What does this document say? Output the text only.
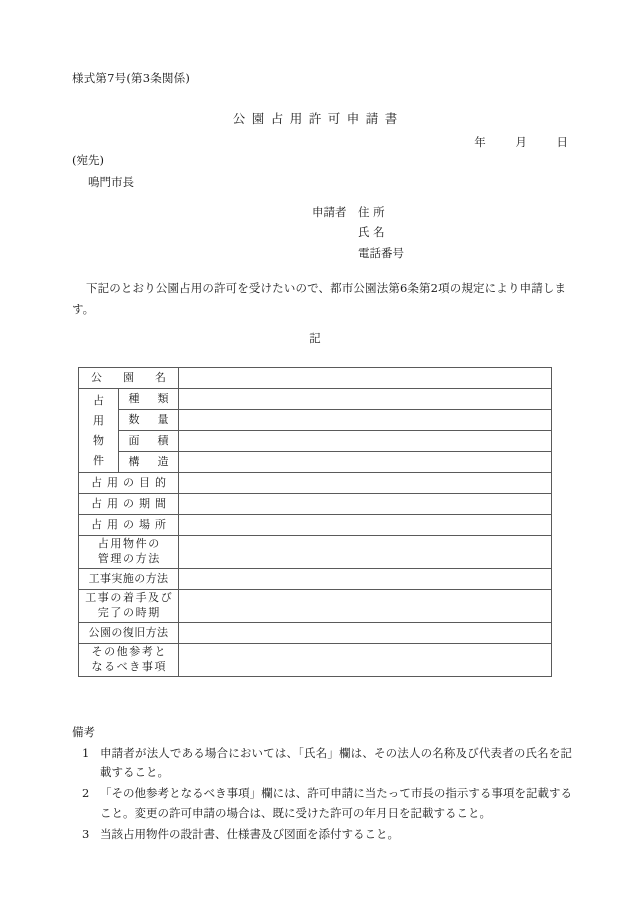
様式第7号(第3条関係)
公園占用許可申請書
年	月	日
(宛先)
鳴門市長
申請者	住 所
氏 名
電話番号
下記のとおり公園占用の許可を受けたいので、都市公園法第6条第2項の規定により申請します。
記
公　園　名		

占
用
物
件	種　類	

	数　量	

	面　積	

	構　造	

占用の目的		

占用の期間		

占用の場所		

占用物件の
管理の方法		

工事実施の方法		

工事の着手及び
完了の時期		

公園の復旧方法		

その他参考と
なるべき事項		

備考
1 申請者が法人である場合においては、「氏名」欄は、その法人の名称及び代表者の氏名を記載すること。
2 「その他参考となるべき事項」欄には、許可申請に当たって市長の指示する事項を記載すること。変更の許可申請の場合は、既に受けた許可の年月日を記載すること。
3 当該占用物件の設計書、仕様書及び図面を添付すること。
